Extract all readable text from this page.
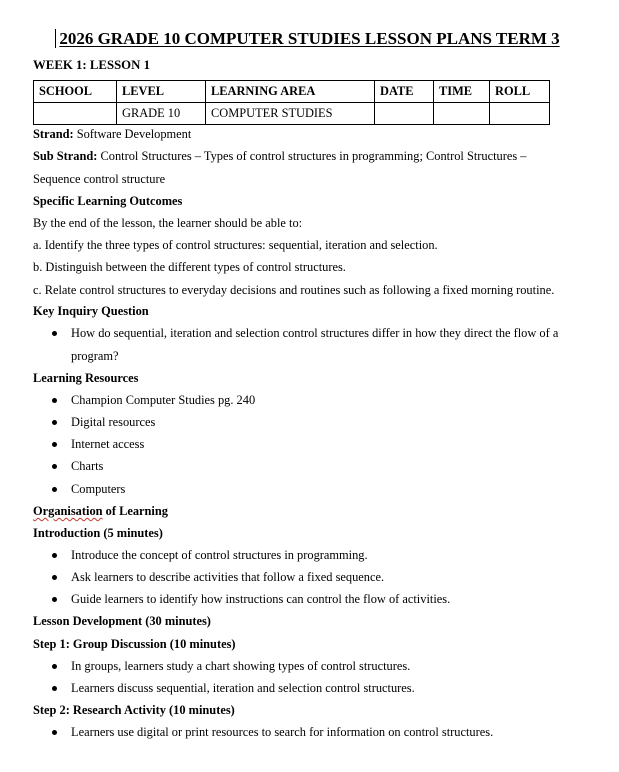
2026 GRADE 10 COMPUTER STUDIES LESSON PLANS TERM 3
WEEK 1: LESSON 1
SCHOOL	LEVEL	LEARNING AREA	DATE	TIME	ROLL
	GRADE 10	COMPUTER STUDIES			
Strand: Software Development
Sub Strand: Control Structures – Types of control structures in programming; Control Structures –
Sequence control structure
Specific Learning Outcomes
By the end of the lesson, the learner should be able to:
a. Identify the three types of control structures: sequential, iteration and selection.
b. Distinguish between the different types of control structures.
c. Relate control structures to everyday decisions and routines such as following a fixed morning routine.
Key Inquiry Question
How do sequential, iteration and selection control structures differ in how they direct the flow of a
program?
Learning Resources
Champion Computer Studies pg. 240
Digital resources
Internet access
Charts
Computers
Organisation of Learning
Introduction (5 minutes)
Introduce the concept of control structures in programming.
Ask learners to describe activities that follow a fixed sequence.
Guide learners to identify how instructions can control the flow of activities.
Lesson Development (30 minutes)
Step 1: Group Discussion (10 minutes)
In groups, learners study a chart showing types of control structures.
Learners discuss sequential, iteration and selection control structures.
Step 2: Research Activity (10 minutes)
Learners use digital or print resources to search for information on control structures.
